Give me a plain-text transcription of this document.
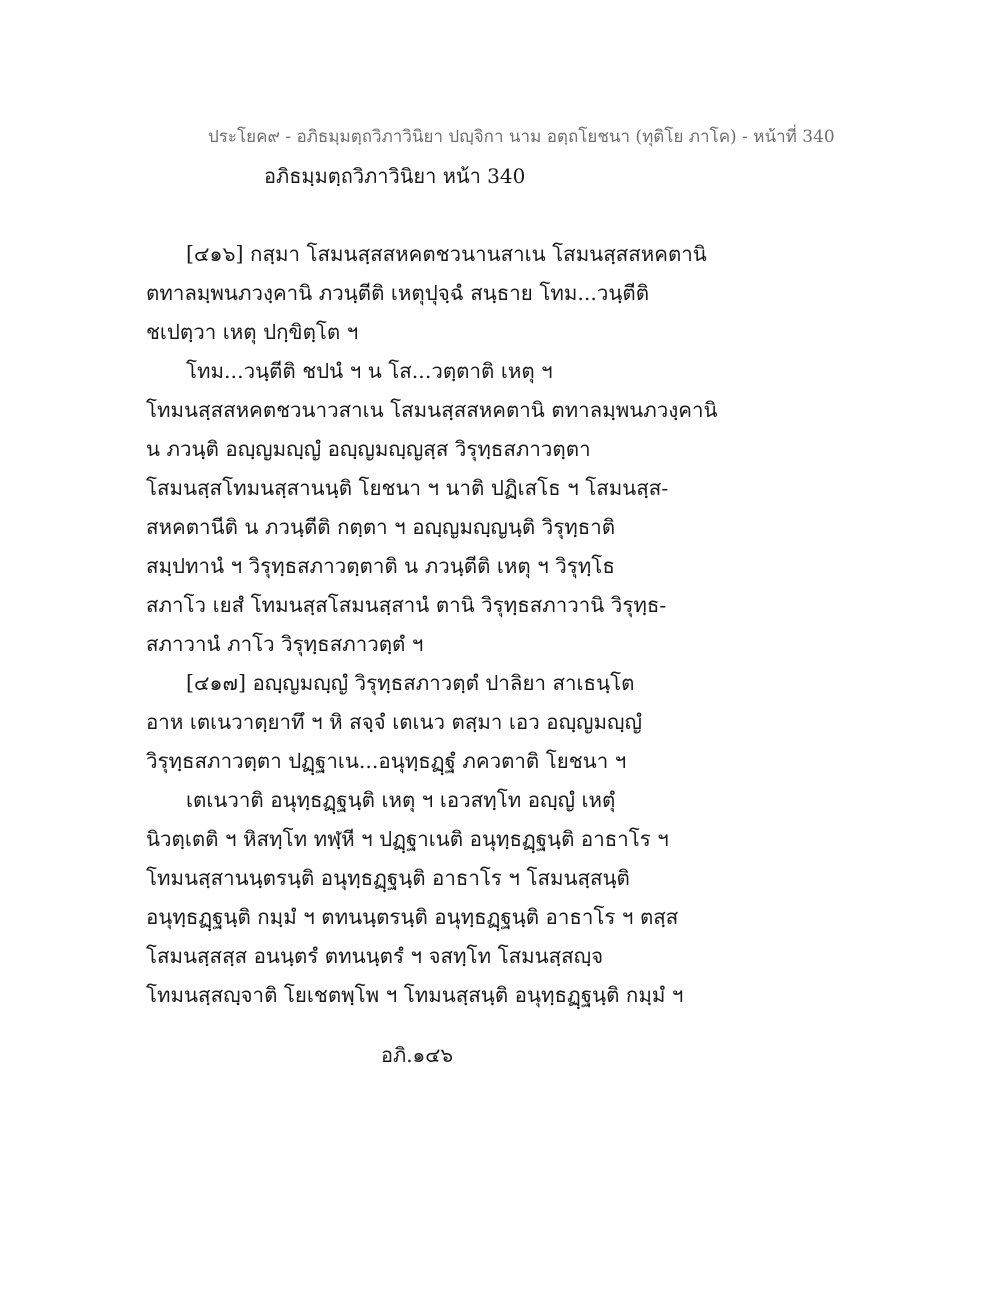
ประโยค๙ - อภิธมฺมตฺถวิภาวินิยา ปญฺจิกา นาม อตฺถโยชนา (ทุติโย ภาโค) - หน้าที่ 340
อภิธมฺมตฺถวิภาวินิยา หน้า 340
[๔๑๖] กสฺมา โสมนสฺสสหคตชวนานสาเน โสมนสฺสสหคตานิ
ตทาลมฺพนภวงฺคานิ ภวนฺตีติ เหตุปุจฺฉํ สนฺธาย โทม...วนฺตีติ
ชเปตฺวา เหตุ ปกฺขิตฺโต ฯ
โทม...วนฺตีติ ชปนํ ฯ น โส...วตฺตาติ เหตุ ฯ
โทมนสฺสสหคตชวนาวสาเน โสมนสฺสสหคตานิ ตทาลมฺพนภวงฺคานิ
น ภวนฺติ อญฺญมญฺญํ อญฺญมญฺญสฺส วิรุทฺธสภาวตฺตา
โสมนสฺสโทมนสฺสานนฺติ โยชนา ฯ นาติ ปฏิเสโธ ฯ โสมนสฺส-
สหคตานีติ น ภวนฺตีติ กตฺตา ฯ อญฺญมญฺญนฺติ วิรุทฺธาติ
สมฺปทานํ ฯ วิรุทฺธสภาวตฺตาติ น ภวนฺตีติ เหตุ ฯ วิรุทฺโธ
สภาโว เยสํ โทมนสฺสโสมนสฺสานํ ตานิ วิรุทฺธสภาวานิ วิรุทฺธ-
สภาวานํ ภาโว วิรุทฺธสภาวตฺตํ ฯ
[๔๑๗] อญฺญมญฺญํ วิรุทฺธสภาวตฺตํ ปาลิยา สาเธนฺโต
อาห เตเนวาตฺยาทึ ฯ หิ สจฺจํ เตเนว ตสฺมา เอว อญฺญมญฺญํ
วิรุทฺธสภาวตฺตา ปฏฺฐาเน...อนุทฺธฏฺฐํ ภควตาติ โยชนา ฯ
เตเนวาติ อนุทฺธฏฺฐนฺติ เหตุ ฯ เอวสทฺโท อญฺญํ เหตุํ
นิวตฺเตติ ฯ หิสทฺโท ทฬฺหี ฯ ปฏฺฐาเนติ อนุทฺธฏฺฐนฺติ อาธาโร ฯ
โทมนสฺสานนฺตรนฺติ อนุทฺธฏฺฐนฺติ อาธาโร ฯ โสมนสฺสนฺติ
อนุทฺธฏฺฐนฺติ กมฺมํ ฯ ตทนนฺตรนฺติ อนุทฺธฏฺฐนฺติ อาธาโร ฯ ตสฺส
โสมนสฺสสฺส อนนฺตรํ ตทนนฺตรํ ฯ จสทฺโท โสมนสฺสญฺจ
โทมนสฺสญฺจาติ โยเชตพฺโพ ฯ โทมนสฺสนฺติ อนุทฺธฏฺฐนฺติ กมฺมํ ฯ
อภิ.๑๔๖
